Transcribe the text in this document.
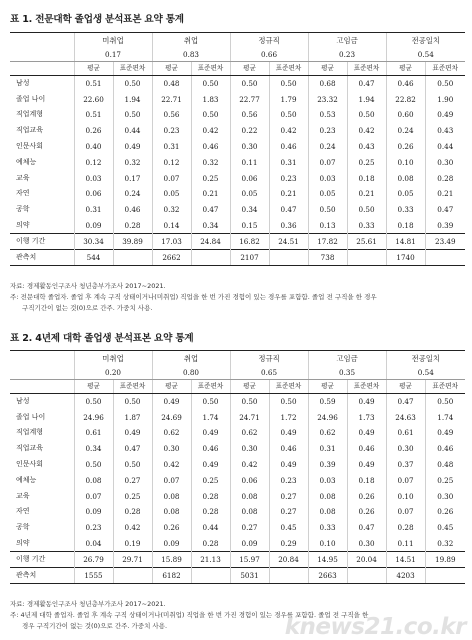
표 1. 전문대학 졸업생 분석표본 요약 통계
	미취업		취업		정규직		고임금		전공일치	
	0.17		0.83		0.66		0.23		0.54	
	평균	표준편차	평균	표준편차	평균	표준편차	평균	표준편차	평균	표준편차
남성	0.51	0.50	0.48	0.50	0.50	0.50	0.68	0.47	0.46	0.50
졸업 나이	22.60	1.94	22.71	1.83	22.77	1.79	23.32	1.94	22.82	1.90
직업계형	0.51	0.50	0.56	0.50	0.56	0.50	0.53	0.50	0.60	0.49
직업교육	0.26	0.44	0.23	0.42	0.22	0.42	0.23	0.42	0.24	0.43
인문사회	0.40	0.49	0.31	0.46	0.30	0.46	0.24	0.43	0.26	0.44
예체능	0.12	0.32	0.12	0.32	0.11	0.31	0.07	0.25	0.10	0.30
교육	0.03	0.17	0.07	0.25	0.06	0.23	0.03	0.18	0.08	0.28
자연	0.06	0.24	0.05	0.21	0.05	0.21	0.05	0.21	0.05	0.21
공학	0.31	0.46	0.32	0.47	0.34	0.47	0.50	0.50	0.33	0.47
의약	0.09	0.28	0.14	0.34	0.15	0.36	0.13	0.33	0.18	0.39
이행 기간	30.34	39.89	17.03	24.84	16.82	24.51	17.82	25.61	14.81	23.49
관측치	544		2662		2107		738		1740	
자료: 경제활동인구조사 청년층부가조사 2017~2021.
주: 전문대학 졸업자. 졸업 후 계속 구직 상태이거나(미취업) 직업을 한 번 가진 경험이 있는 경우를 포함함. 졸업 전 구직을 한 경우
구직기간이 없는 것(0)으로 간주. 가중치 사용.
표 2. 4년제 대학 졸업생 분석표본 요약 통계
	미취업		취업		정규직		고임금		전공일치	
	0.20		0.80		0.65		0.35		0.54	
	평균	표준편차	평균	표준편차	평균	표준편차	평균	표준편차	평균	표준편차
남성	0.50	0.50	0.49	0.50	0.50	0.50	0.59	0.49	0.47	0.50
졸업 나이	24.96	1.87	24.69	1.74	24.71	1.72	24.96	1.73	24.63	1.74
직업계형	0.61	0.49	0.62	0.49	0.62	0.49	0.62	0.49	0.61	0.49
직업교육	0.34	0.47	0.30	0.46	0.30	0.46	0.31	0.46	0.30	0.46
인문사회	0.50	0.50	0.42	0.49	0.42	0.49	0.39	0.49	0.37	0.48
예체능	0.08	0.27	0.07	0.25	0.06	0.23	0.03	0.18	0.07	0.25
교육	0.07	0.25	0.08	0.28	0.08	0.27	0.08	0.26	0.10	0.30
자연	0.09	0.28	0.08	0.28	0.08	0.27	0.08	0.26	0.07	0.26
공학	0.23	0.42	0.26	0.44	0.27	0.45	0.33	0.47	0.28	0.45
의약	0.04	0.19	0.09	0.28	0.09	0.29	0.10	0.30	0.11	0.32
이행 기간	26.79	29.71	15.89	21.13	15.97	20.84	14.95	20.04	14.51	19.89
관측치	1555		6182		5031		2663		4203	
자료: 경제활동인구조사 청년층부가조사 2017~2021.
주: 4년제 대학 졸업자. 졸업 후 계속 구직 상태이거나(미취업) 직업을 한 번 가진 경험이 있는 경우를 포함함. 졸업 전 구직을 한
경우 구직기간이 없는 것(0)으로 간주. 가중치 사용.	knews21.co.kr
